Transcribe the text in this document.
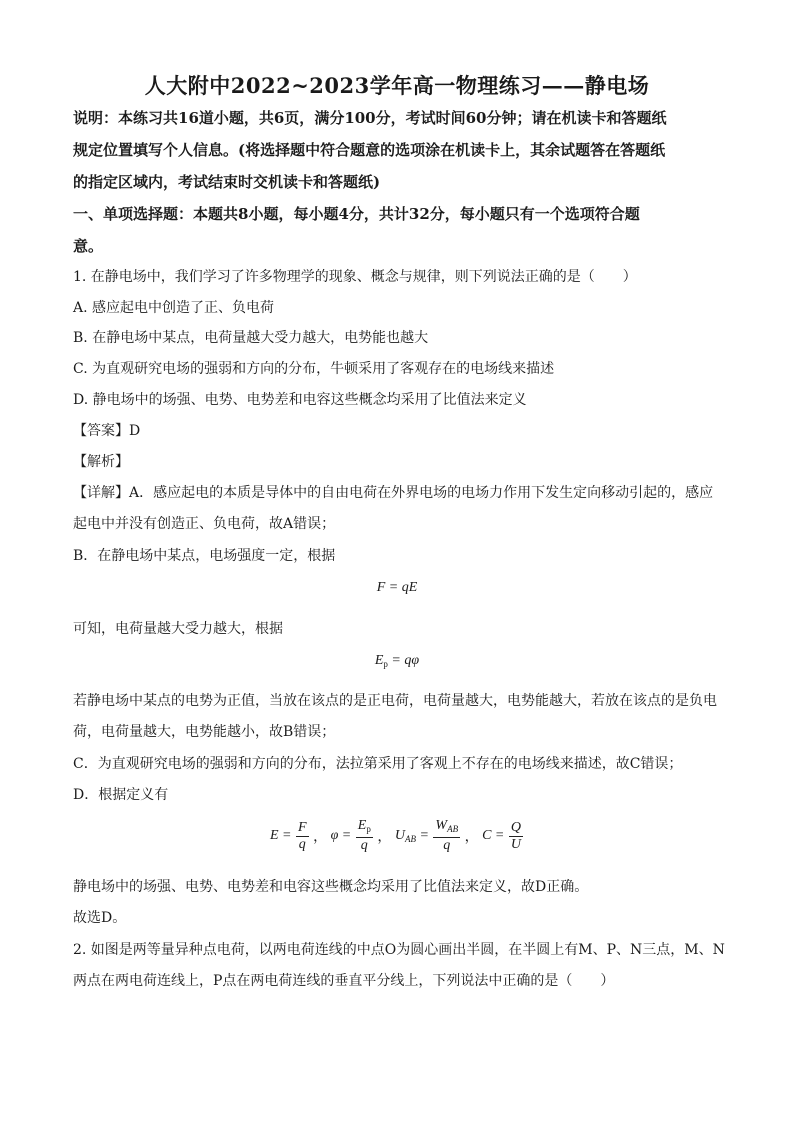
人大附中2022~2023学年高一物理练习——静电场
说明：本练习共16道小题，共6页，满分100分，考试时间60分钟；请在机读卡和答题纸
规定位置填写个人信息。(将选择题中符合题意的选项涂在机读卡上，其余试题答在答题纸
的指定区域内，考试结束时交机读卡和答题纸)
一、单项选择题：本题共8小题，每小题4分，共计32分，每小题只有一个选项符合题
意。
1. 在静电场中，我们学习了许多物理学的现象、概念与规律，则下列说法正确的是（　　）
A. 感应起电中创造了正、负电荷
B. 在静电场中某点，电荷量越大受力越大，电势能也越大
C. 为直观研究电场的强弱和方向的分布，牛顿采用了客观存在的电场线来描述
D. 静电场中的场强、电势、电势差和电容这些概念均采用了比值法来定义
【答案】D
【解析】
【详解】A．感应起电的本质是导体中的自由电荷在外界电场的电场力作用下发生定向移动引起的，感应
起电中并没有创造正、负电荷，故A错误；
B．在静电场中某点，电场强度一定，根据
F = qE
可知，电荷量越大受力越大，根据
$E_p = q\varphi$
若静电场中某点的电势为正值，当放在该点的是正电荷，电荷量越大，电势能越大，若放在该点的是负电
荷，电荷量越大，电势能越小，故B错误；
C．为直观研究电场的强弱和方向的分布，法拉第采用了客观上不存在的电场线来描述，故C错误；
D．根据定义有
$E = \frac{F}{q}$ ， $\varphi = \frac{E_p}{q}$ ， $U_{AB} = \frac{W_{AB}}{q}$ ， $C = \frac{Q}{U}$
静电场中的场强、电势、电势差和电容这些概念均采用了比值法来定义，故D正确。
故选D。
2. 如图是两等量异种点电荷，以两电荷连线的中点O为圆心画出半圆，在半圆上有M、P、N三点，M、N
两点在两电荷连线上，P点在两电荷连线的垂直平分线上，下列说法中正确的是（　　）
